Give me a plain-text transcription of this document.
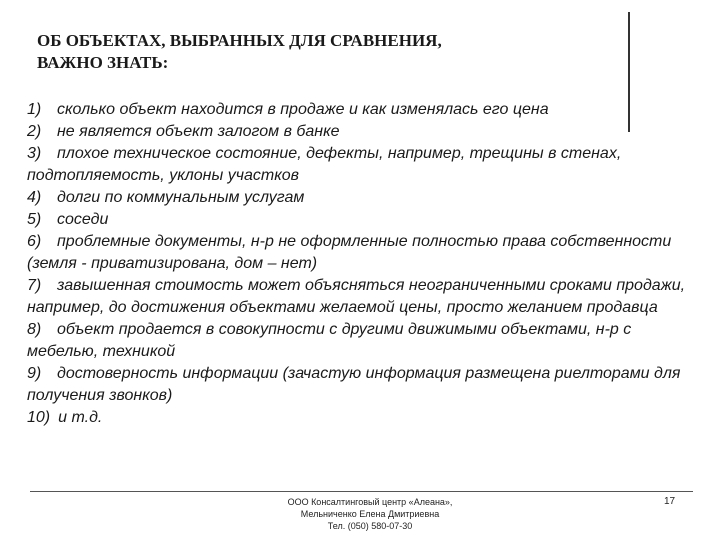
ОБ ОБЪЕКТАХ, ВЫБРАННЫХ ДЛЯ СРАВНЕНИЯ,
ВАЖНО ЗНАТЬ:
1) сколько объект находится в продаже и как изменялась его цена
2) не является объект залогом в банке
3) плохое техническое состояние, дефекты, например, трещины в стенах, подтопляемость, уклоны участков
4) долги по коммунальным услугам
5) соседи
6) проблемные документы, н-р не оформленные полностью права собственности (земля - приватизирована, дом – нет)
7) завышенная стоимость может объясняться неограниченными сроками продажи, например, до достижения объектами желаемой цены, просто желанием продавца
8) объект продается в совокупности с другими движимыми объектами, н-р с мебелью, техникой
9) достоверность информации (зачастую информация размещена риелторами для получения звонков)
10) и т.д.
ООО Консалтинговый центр «Алеана»,
Мельниченко Елена Дмитриевна
Тел. (050) 580-07-30
17
